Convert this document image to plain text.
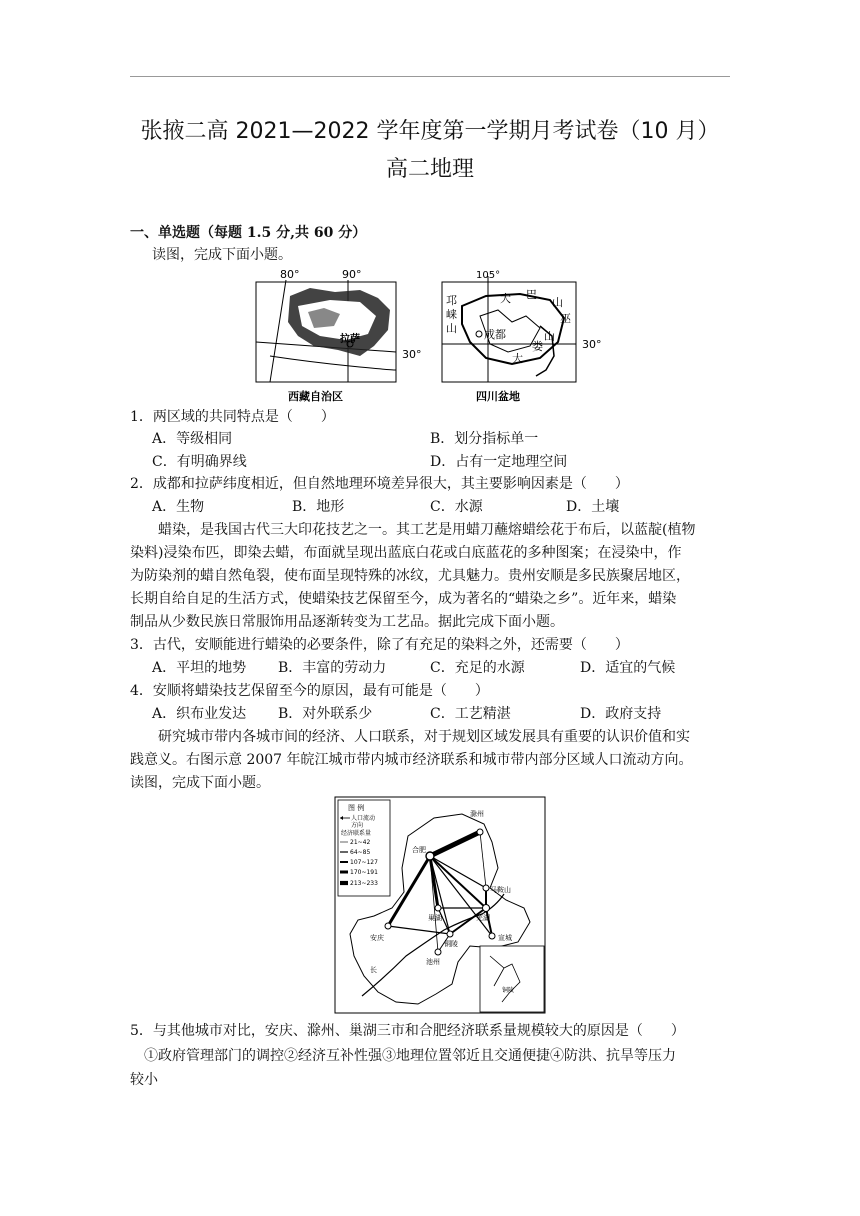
张掖二高 2021—2022 学年度第一学期月考试卷（10 月）
高二地理
一、单选题（每题 1.5 分,共 60 分）
读图，完成下面小题。
80°	90°
30°
拉萨
西藏自治区
105°
30°
成都
邛
崃
山
大 巴
山
巫
山
大
娄
山
四川盆地
1．两区域的共同特点是（　　）
A．等级相同	B．划分指标单一
C．有明确界线	D．占有一定地理空间
2．成都和拉萨纬度相近，但自然地理环境差异很大，其主要影响因素是（　　）
A．生物	B．地形	C．水源	D．土壤
　　蜡染，是我国古代三大印花技艺之一。其工艺是用蜡刀蘸熔蜡绘花于布后，以蓝靛(植物
染料)浸染布匹，即染去蜡，布面就呈现出蓝底白花或白底蓝花的多种图案；在浸染中，作
为防染剂的蜡自然龟裂，使布面呈现特殊的冰纹，尤具魅力。贵州安顺是多民族聚居地区，
长期自给自足的生活方式，使蜡染技艺保留至今，成为著名的“蜡染之乡”。近年来，蜡染
制品从少数民族日常服饰用品逐渐转变为工艺品。据此完成下面小题。
3．古代，安顺能进行蜡染的必要条件，除了有充足的染料之外，还需要（　　）
A．平坦的地势 B．丰富的劳动力	C．充足的水源	D．适宜的气候
4．安顺将蜡染技艺保留至今的原因，最有可能是（　　）
A．织布业发达 B．对外联系少	C．工艺精湛	D．政府支持
　　研究城市带内各城市间的经济、人口联系，对于规划区域发展具有重要的认识价值和实
践意义。右图示意 2007 年皖江城市带内城市经济联系和城市带内部分区域人口流动方向。
读图，完成下面小题。
图 例
人口流动
方向
经济联系量
21~42
64~85
107~127
170~191
213~233
铜陵
合肥
滁州
马鞍山
巢湖	芜湖
安庆
铜陵
宣城
池州
长
5．与其他城市对比，安庆、滁州、巢湖三市和合肥经济联系量规模较大的原因是（　　）
　①政府管理部门的调控②经济互补性强③地理位置邻近且交通便捷④防洪、抗旱等压力
较小
